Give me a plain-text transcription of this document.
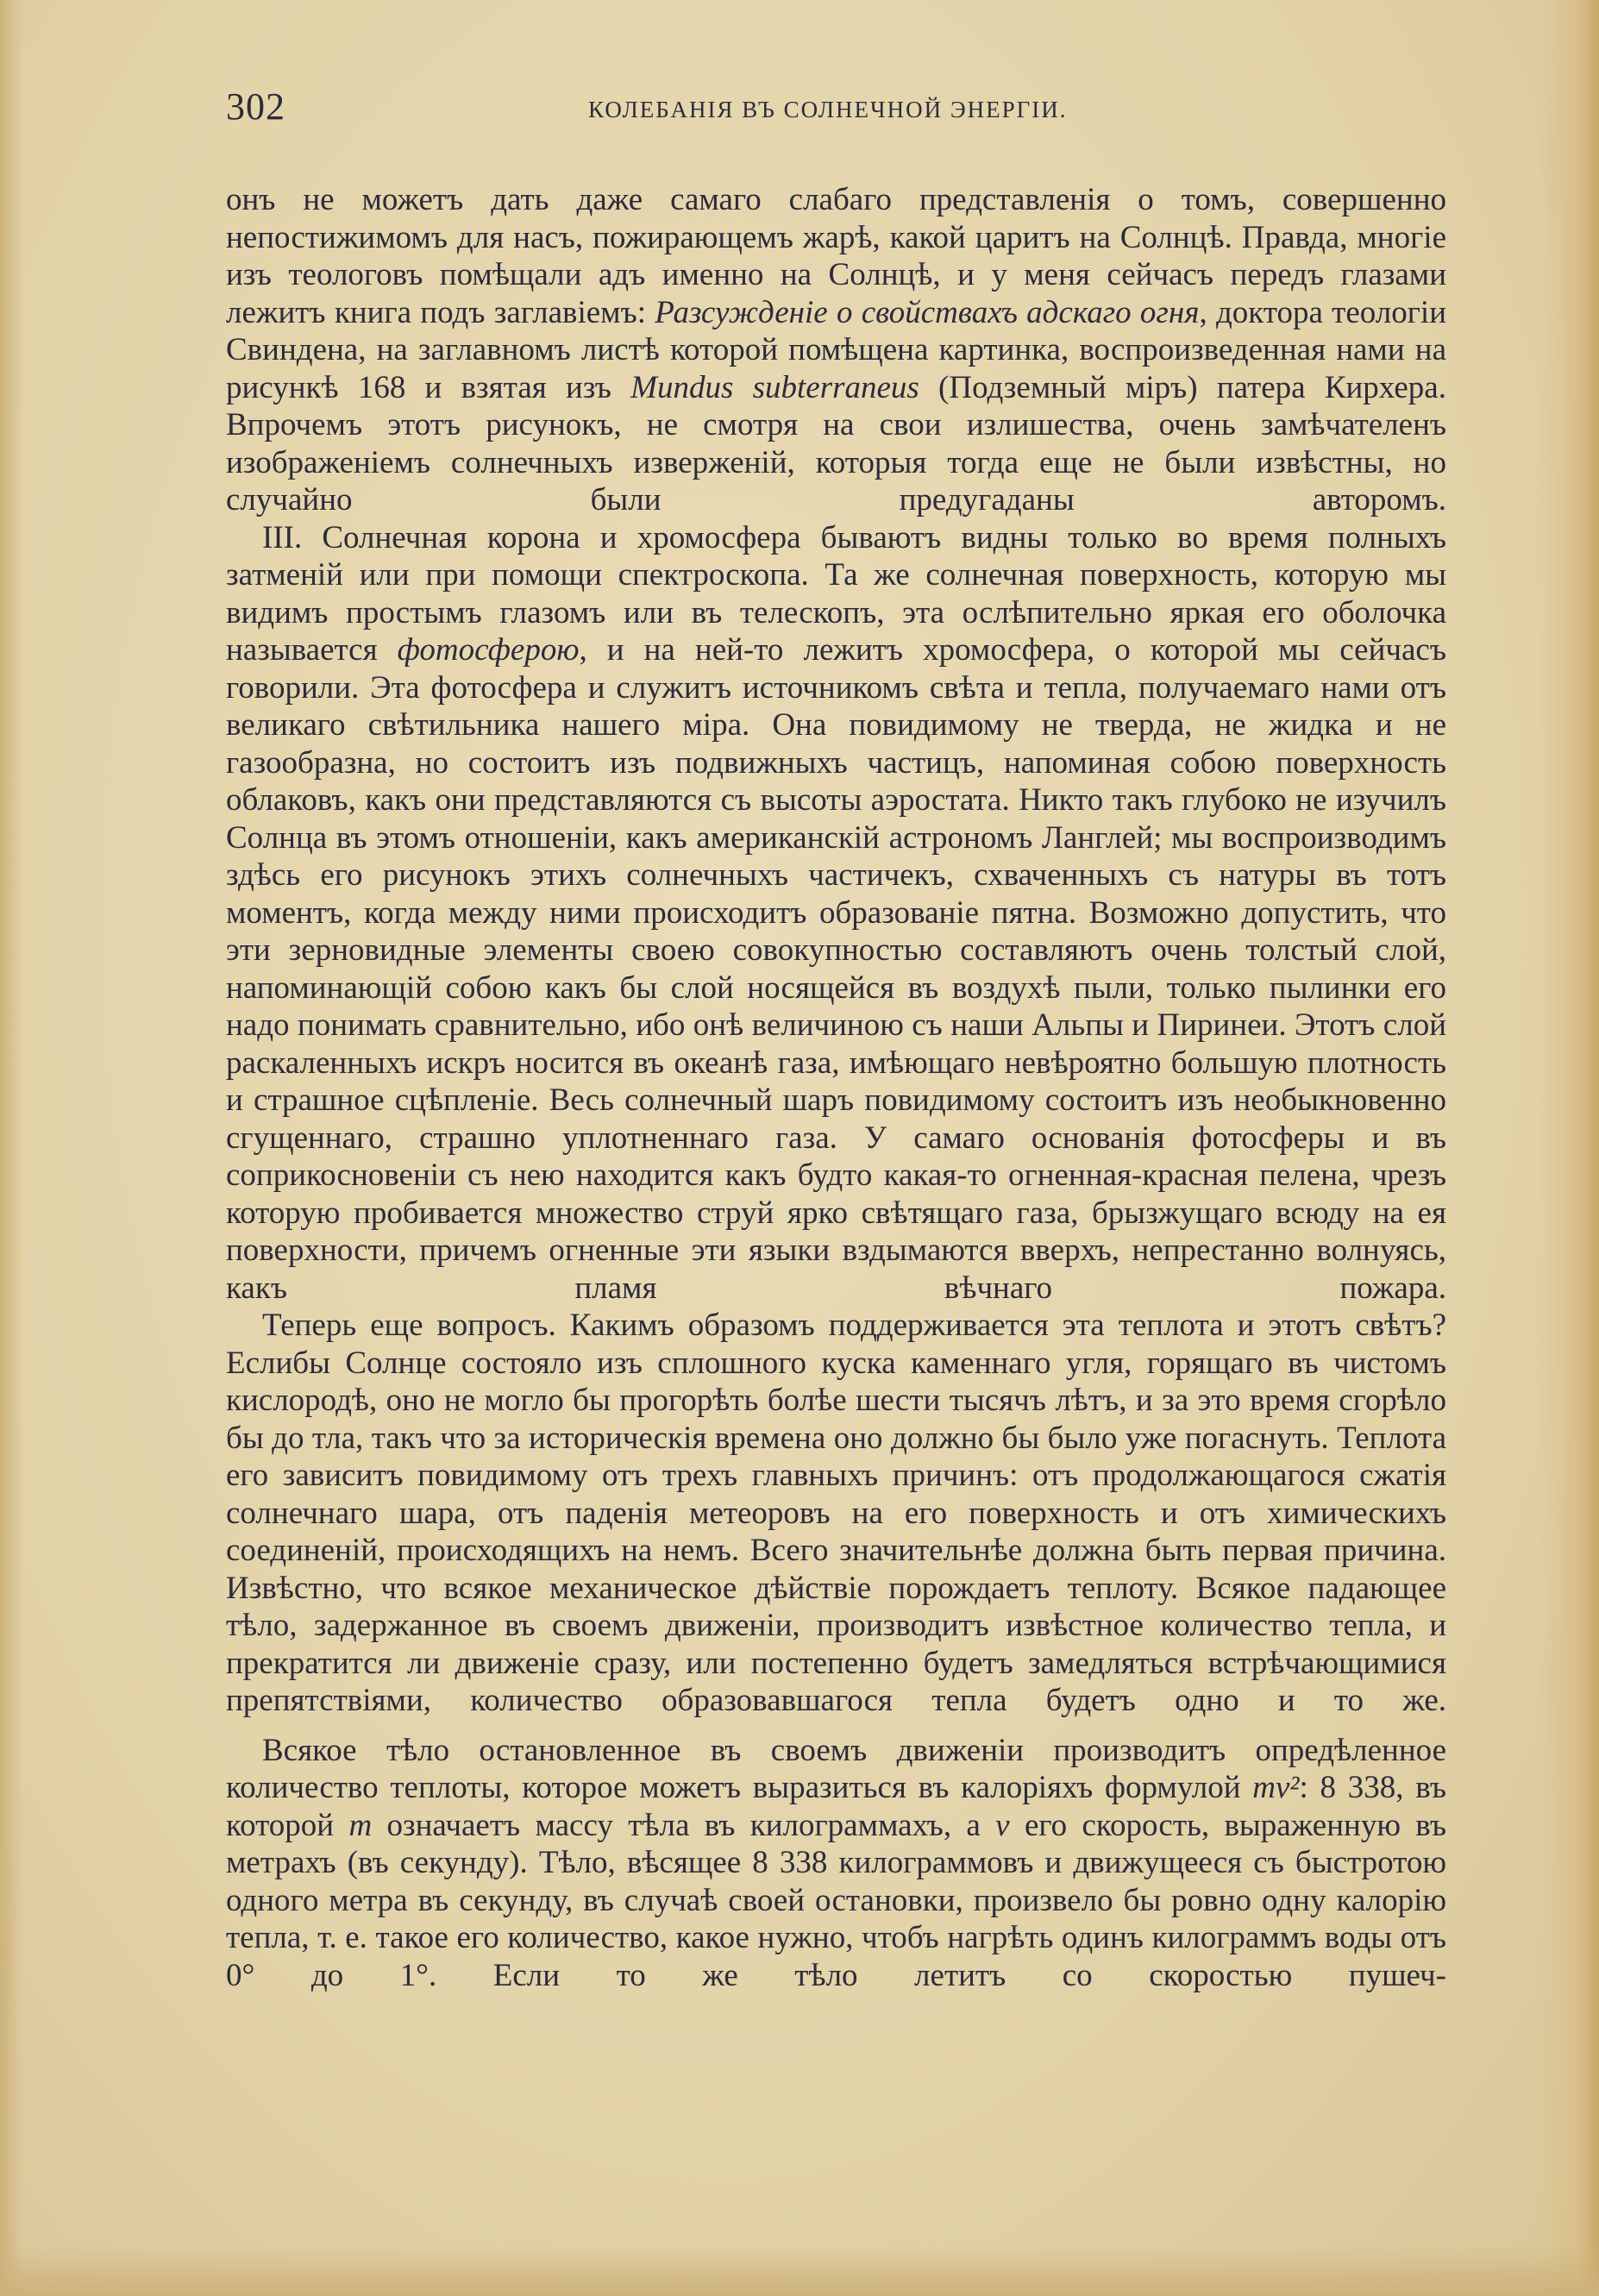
302	КОЛЕБАНІЯ ВЪ СОЛНЕЧНОЙ ЭНЕРГІИ.

онъ не можетъ дать даже самаго слабаго представленія о томъ, совершенно непостижимомъ для насъ, пожирающемъ жарѣ, какой царитъ на Солнцѣ. Правда, многіе изъ теологовъ помѣщали адъ именно на Солнцѣ, и у меня сейчасъ передъ глазами лежитъ книга подъ заглавіемъ: Разсужденіе о свойствахъ адскаго огня, доктора теологіи Свиндена, на заглавномъ листѣ которой помѣщена картинка, воспроизведенная нами на рисункѣ 168 и взятая изъ Mundus subterraneus (Подземный міръ) патера Кирхера. Впрочемъ этотъ рисунокъ, не смотря на свои излишества, очень замѣчателенъ изображеніемъ солнечныхъ изверженій, которыя тогда еще не были извѣстны, но случайно были предугаданы авторомъ.

III. Солнечная корона и хромосфера бываютъ видны только во время полныхъ затменій или при помощи спектроскопа. Та же солнечная поверхность, которую мы видимъ простымъ глазомъ или въ телескопъ, эта ослѣпительно яркая его оболочка называется фотосферою, и на ней-то лежитъ хромосфера, о которой мы сейчасъ говорили. Эта фотосфера и служитъ источникомъ свѣта и тепла, получаемаго нами отъ великаго свѣтильника нашего міра. Она повидимому не тверда, не жидка и не газообразна, но состоитъ изъ подвижныхъ частицъ, напоминая собою поверхность облаковъ, какъ они представляются съ высоты аэростата. Никто такъ глубоко не изучилъ Солнца въ этомъ отношеніи, какъ американскій астрономъ Ланглей; мы воспроизводимъ здѣсь его рисунокъ этихъ солнечныхъ частичекъ, схваченныхъ съ натуры въ тотъ моментъ, когда между ними происходитъ образованіе пятна. Возможно допустить, что эти зерновидные элементы своею совокупностью составляютъ очень толстый слой, напоминающій собою какъ бы слой носящейся въ воздухѣ пыли, только пылинки его надо понимать сравнительно, ибо онѣ величиною съ наши Альпы и Пиринеи. Этотъ слой раскаленныхъ искръ носится въ океанѣ газа, имѣющаго невѣроятно большую плотность и страшное сцѣпленіе. Весь солнечный шаръ повидимому состоитъ изъ необыкновенно сгущеннаго, страшно уплотненнаго газа. У самаго основанія фотосферы и въ соприкосновеніи съ нею находится какъ будто какая-то огненная-красная пелена, чрезъ которую пробивается множество струй ярко свѣтящаго газа, брызжущаго всюду на ея поверхности, причемъ огненные эти языки вздымаются вверхъ, непрестанно волнуясь, какъ пламя вѣчнаго пожара.

Теперь еще вопросъ. Какимъ образомъ поддерживается эта теплота и этотъ свѣтъ? Еслибы Солнце состояло изъ сплошного куска каменнаго угля, горящаго въ чистомъ кислородѣ, оно не могло бы прогорѣть болѣе шести тысячъ лѣтъ, и за это время сгорѣло бы до тла, такъ что за историческія времена оно должно бы было уже погаснуть. Теплота его зависитъ повидимому отъ трехъ главныхъ причинъ: отъ продолжающагося сжатія солнечнаго шара, отъ паденія метеоровъ на его поверхность и отъ химическихъ соединеній, происходящихъ на немъ. Всего значительнѣе должна быть первая причина. Извѣстно, что всякое механическое дѣйствіе порождаетъ теплоту. Всякое падающее тѣло, задержанное въ своемъ движеніи, производитъ извѣстное количество тепла, и прекратится ли движеніе сразу, или постепенно будетъ замедляться встрѣчающимися препятствіями, количество образовавшагося тепла будетъ одно и то же.

Всякое тѣло остановленное въ своемъ движеніи производитъ опредѣленное количество теплоты, которое можетъ выразиться въ калоріяхъ формулой mv²: 8 338, въ которой m означаетъ массу тѣла въ килограммахъ, а v его скорость, выраженную въ метрахъ (въ секунду). Тѣло, вѣсящее 8 338 килограммовъ и движущееся съ быстротою одного метра въ секунду, въ случаѣ своей остановки, произвело бы ровно одну калорію тепла, т. е. такое его количество, какое нужно, чтобъ нагрѣть одинъ килограммъ воды отъ 0° до 1°. Если то же тѣло летитъ со скоростью пушеч-
